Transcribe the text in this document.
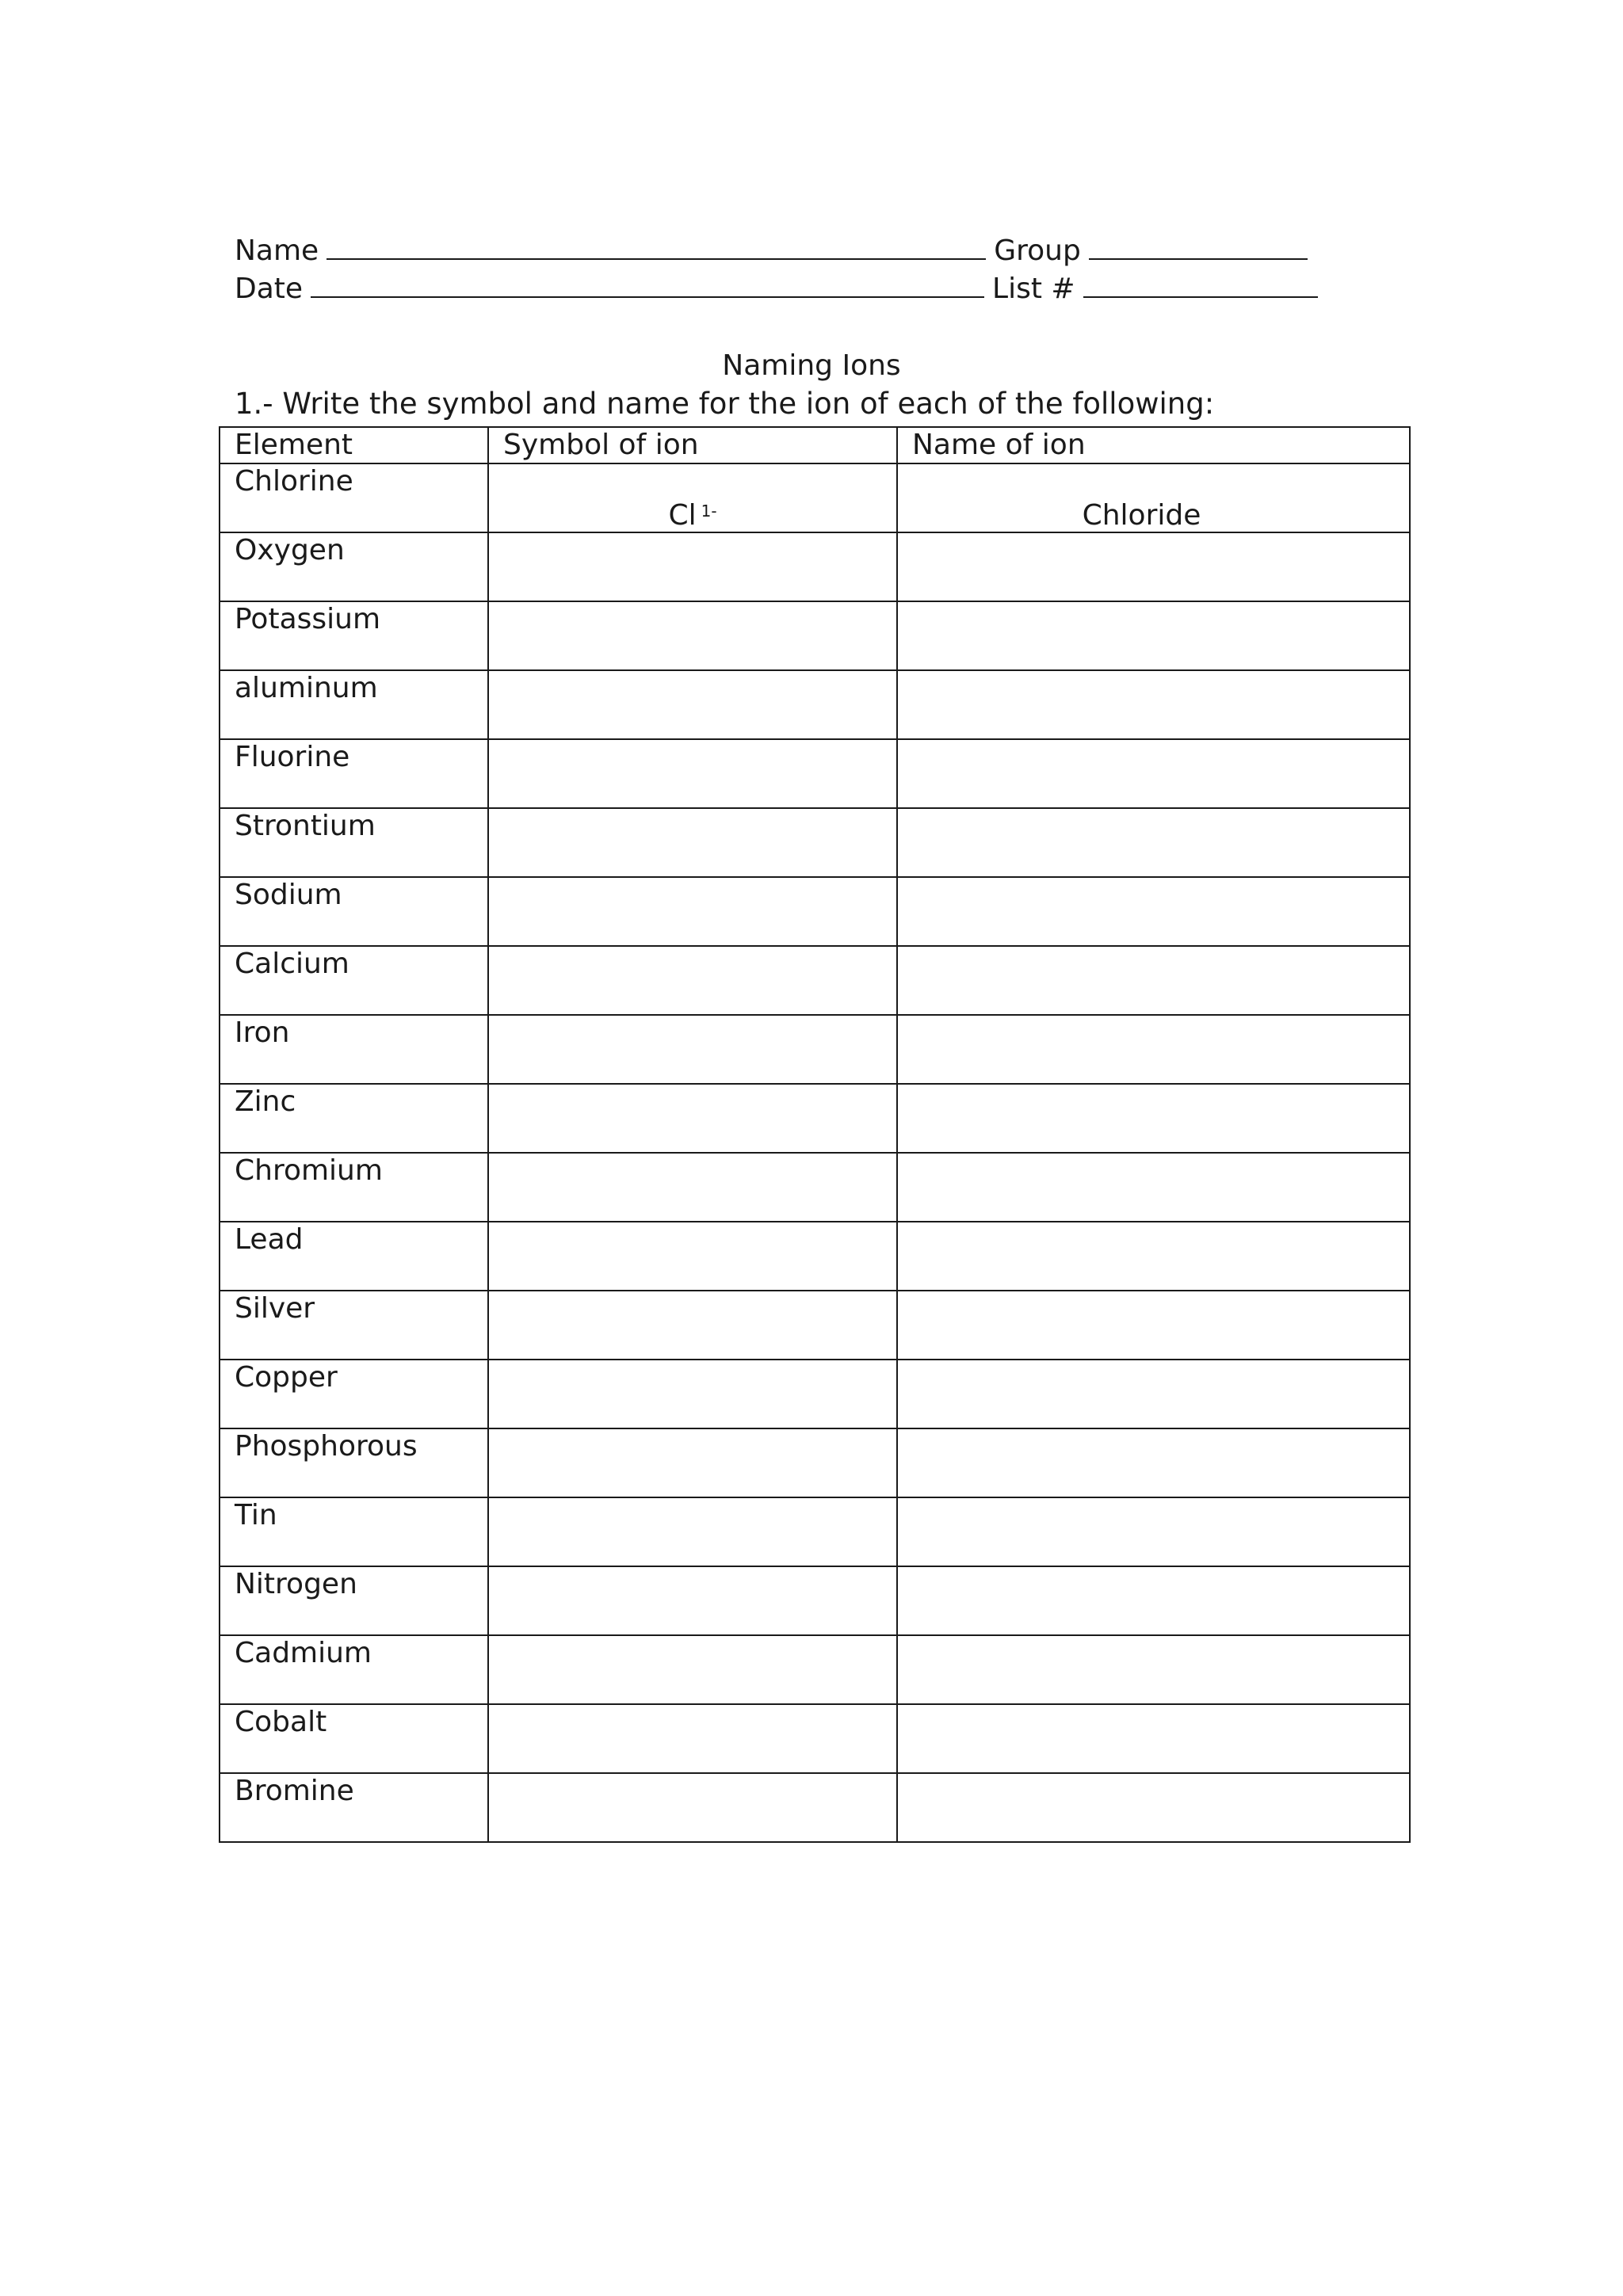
Name	Group
Date	List #
Naming Ions
1.- Write the symbol and name for the ion of each of the following:
Element	Symbol of ion	Name of ion
Chlorine	Cl $^{1-}$	Chloride
Oxygen		
Potassium		
aluminum		
Fluorine		
Strontium		
Sodium		
Calcium		
Iron		
Zinc		
Chromium		
Lead		
Silver		
Copper		
Phosphorous		
Tin		
Nitrogen		
Cadmium		
Cobalt		
Bromine		
